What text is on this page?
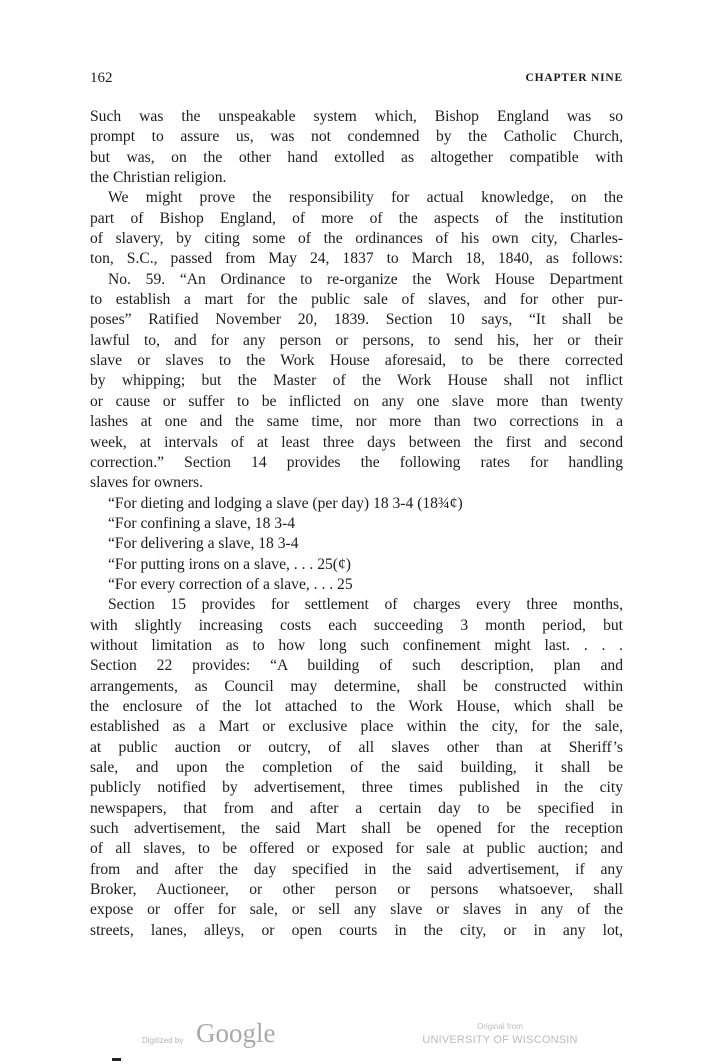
162	CHAPTER NINE
Such was the unspeakable system which, Bishop England was so
prompt to assure us, was not condemned by the Catholic Church,
but was, on the other hand extolled as altogether compatible with
the Christian religion.
We might prove the responsibility for actual knowledge, on the
part of Bishop England, of more of the aspects of the institution
of slavery, by citing some of the ordinances of his own city, Charles-
ton, S.C., passed from May 24, 1837 to March 18, 1840, as follows:
No. 59. “An Ordinance to re-organize the Work House Department
to establish a mart for the public sale of slaves, and for other pur-
poses” Ratified November 20, 1839. Section 10 says, “It shall be
lawful to, and for any person or persons, to send his, her or their
slave or slaves to the Work House aforesaid, to be there corrected
by whipping; but the Master of the Work House shall not inflict
or cause or suffer to be inflicted on any one slave more than twenty
lashes at one and the same time, nor more than two corrections in a
week, at intervals of at least three days between the first and second
correction.” Section 14 provides the following rates for handling
slaves for owners.
“For dieting and lodging a slave (per day) 18 3-4 (18¾¢)
“For confining a slave, 18 3-4
“For delivering a slave, 18 3-4
“For putting irons on a slave, . . . 25(¢)
“For every correction of a slave, . . . 25
Section 15 provides for settlement of charges every three months,
with slightly increasing costs each succeeding 3 month period, but
without limitation as to how long such confinement might last. . . .
Section 22 provides: “A building of such description, plan and
arrangements, as Council may determine, shall be constructed within
the enclosure of the lot attached to the Work House, which shall be
established as a Mart or exclusive place within the city, for the sale,
at public auction or outcry, of all slaves other than at Sheriff’s
sale, and upon the completion of the said building, it shall be
publicly notified by advertisement, three times published in the city
newspapers, that from and after a certain day to be specified in
such advertisement, the said Mart shall be opened for the reception
of all slaves, to be offered or exposed for sale at public auction; and
from and after the day specified in the said advertisement, if any
Broker, Auctioneer, or other person or persons whatsoever, shall
expose or offer for sale, or sell any slave or slaves in any of the
streets, lanes, alleys, or open courts in the city, or in any lot,
Digitized by Google	Original from
UNIVERSITY OF WISCONSIN
